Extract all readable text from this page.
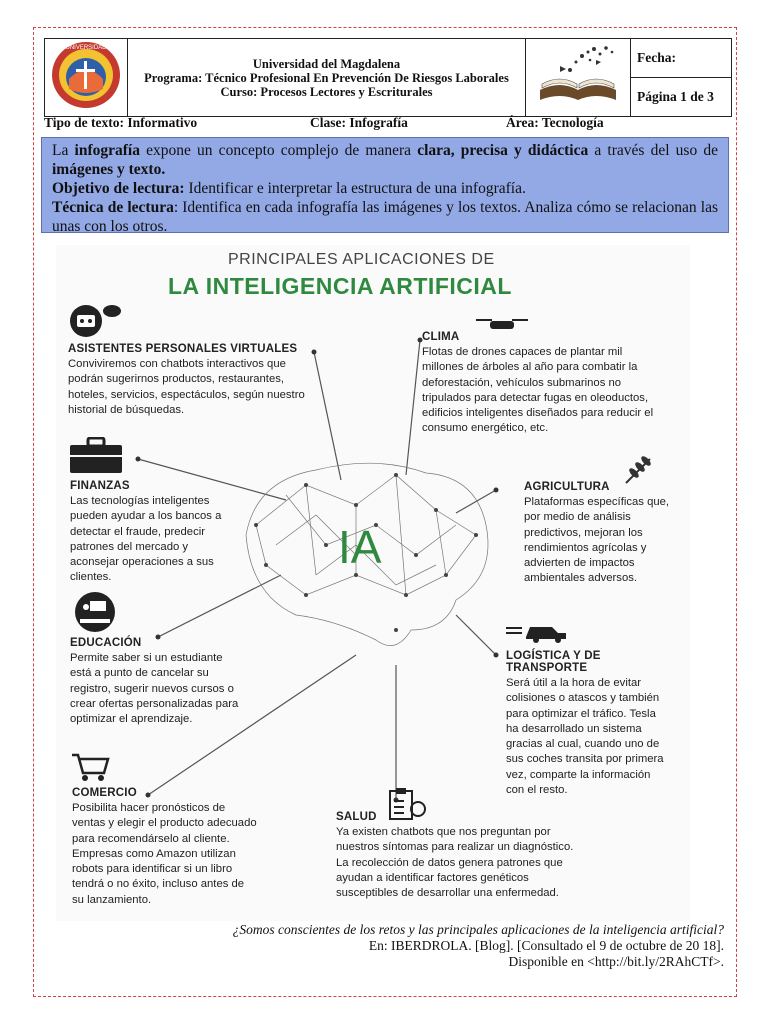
UNIVERSIDAD

Universidad del Magdalena
Programa: Técnico Profesional En Prevención De Riesgos Laborales
Curso: Procesos Lectores y Escriturales
		Fecha:
Página 1 de 3
Tipo de texto: Informativo	Clase: Infografía	Área: Tecnología
La infografía expone un concepto complejo de manera clara, precisa y didáctica a través del uso de imágenes y texto.
Objetivo de lectura: Identificar e interpretar la estructura de una infografía.
Técnica de lectura: Identifica en cada infografía las imágenes y los textos. Analiza cómo se relacionan las unas con los otros.
PRINCIPALES APLICACIONES DE
LA INTELIGENCIA ARTIFICIAL
IA
ASISTENTES PERSONALES VIRTUALES

Conviviremos con chatbots interactivos que podrán sugerirnos productos, restaurantes, hoteles, servicios, espectáculos, según nuestro historial de búsquedas.

CLIMA

Flotas de drones capaces de plantar mil millones de árboles al año para combatir la deforestación, vehículos submarinos no tripulados para detectar fugas en oleoductos, edificios inteligentes diseñados para reducir el consumo energético, etc.

FINANZAS

Las tecnologías inteligentes pueden ayudar a los bancos a detectar el fraude, predecir patrones del mercado y aconsejar operaciones a sus clientes.

AGRICULTURA

Plataformas específicas que, por medio de análisis predictivos, mejoran los rendimientos agrícolas y advierten de impactos ambientales adversos.

EDUCACIÓN

Permite saber si un estudiante está a punto de cancelar su registro, sugerir nuevos cursos o crear ofertas personalizadas para optimizar el aprendizaje.

LOGÍSTICA Y DE TRANSPORTE

Será útil a la hora de evitar colisiones o atascos y también para optimizar el tráfico. Tesla ha desarrollado un sistema gracias al cual, cuando uno de sus coches transita por primera vez, comparte la información con el resto.

COMERCIO

Posibilita hacer pronósticos de ventas y elegir el producto adecuado para recomendárselo al cliente. Empresas como Amazon utilizan robots para identificar si un libro tendrá o no éxito, incluso antes de su lanzamiento.

SALUD

Ya existen chatbots que nos preguntan por nuestros síntomas para realizar un diagnóstico. La recolección de datos genera patrones que ayudan a identificar factores genéticos susceptibles de desarrollar una enfermedad.

¿Somos conscientes de los retos y las principales aplicaciones de la inteligencia artificial?
En: IBERDROLA. [Blog]. [Consultado el 9 de octubre de 20 18].
Disponible en <http://bit.ly/2RAhCTf>.
